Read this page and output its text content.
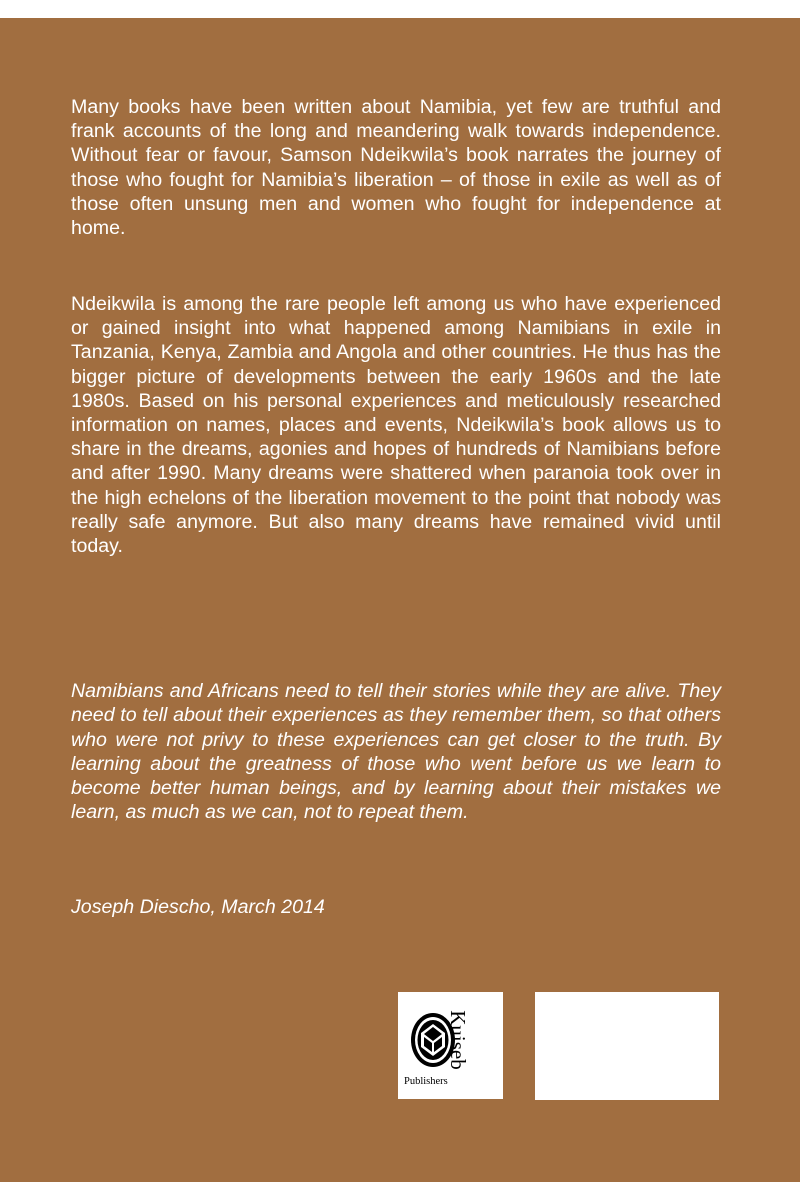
Many books have been written about Namibia, yet few are truthful and frank accounts of the long and meandering walk towards independence. Without fear or favour, Samson Ndeikwila’s book narrates the journey of those who fought for Namibia’s liberation – of those in exile as well as of those often unsung men and women who fought for independence at home.

Ndeikwila is among the rare people left among us who have experienced or gained insight into what happened among Namibians in exile in Tanzania, Kenya, Zambia and Angola and other countries. He thus has the bigger picture of developments between the early 1960s and the late 1980s. Based on his personal experiences and meticulously researched information on names, places and events, Ndeikwila’s book allows us to share in the dreams, agonies and hopes of hundreds of Namibians before and after 1990. Many dreams were shattered when paranoia took over in the high echelons of the liberation movement to the point that nobody was really safe anymore. But also many dreams have remained vivid until today.

Namibians and Africans need to tell their stories while they are alive. They need to tell about their experiences as they remember them, so that others who were not privy to these experiences can get closer to the truth. By learning about the greatness of those who went before us we learn to become better human beings, and by learning about their mistakes we learn, as much as we can, not to repeat them.

Joseph Diescho, March 2014

Kuiseb
Publishers
